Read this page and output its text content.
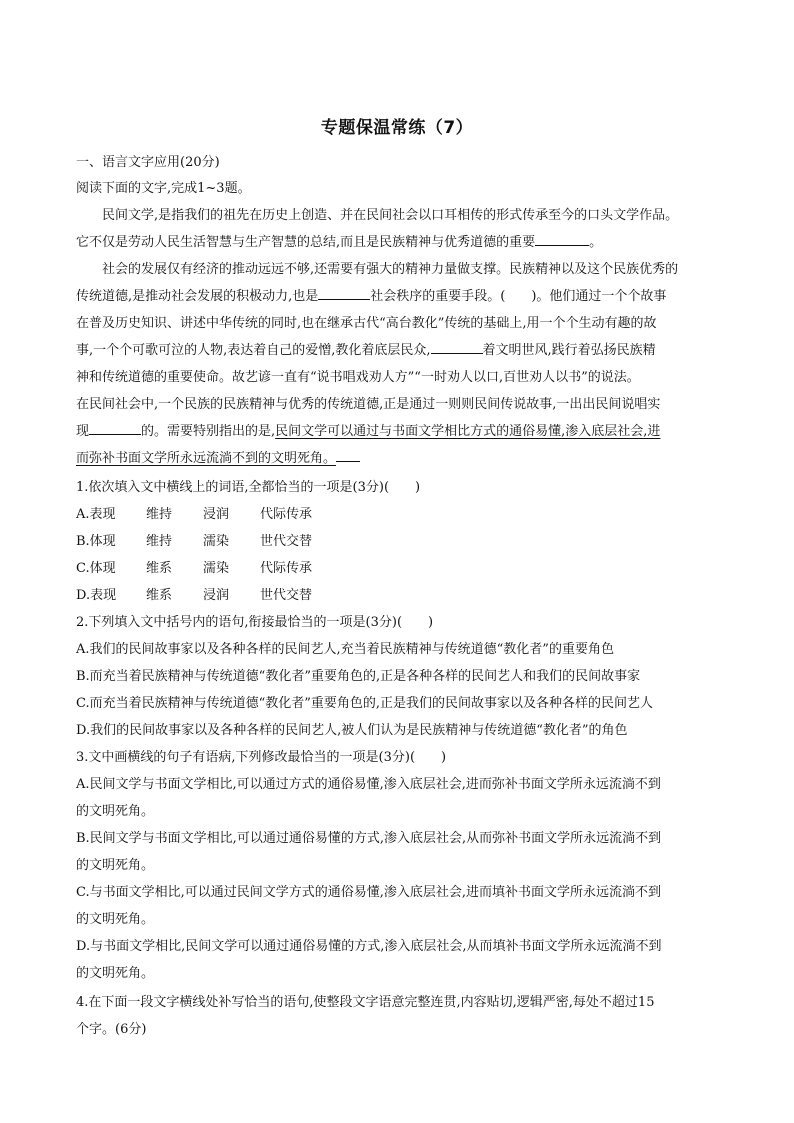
专题保温常练（7）
一、语言文字应用(20分)
阅读下面的文字,完成1~3题。
民间文学,是指我们的祖先在历史上创造、并在民间社会以口耳相传的形式传承至今的口头文学作品。
它不仅是劳动人民生活智慧与生产智慧的总结,而且是民族精神与优秀道德的重要	。
社会的发展仅有经济的推动远远不够,还需要有强大的精神力量做支撑。民族精神以及这个民族优秀的
传统道德,是推动社会发展的积极动力,也是	社会秩序的重要手段。(　　)。他们通过一个个故事
在普及历史知识、讲述中华传统的同时,也在继承古代“高台教化”传统的基础上,用一个个生动有趣的故
事,一个个可歌可泣的人物,表达着自己的爱憎,教化着底层民众,	着文明世风,践行着弘扬民族精
神和传统道德的重要使命。故艺谚一直有“说书唱戏劝人方”“一时劝人以口,百世劝人以书”的说法。
在民间社会中,一个民族的民族精神与优秀的传统道德,正是通过一则则民间传说故事,一出出民间说唱实
现	的。需要特别指出的是,民间文学可以通过与书面文学相比方式的通俗易懂,渗入底层社会,进
而弥补书面文学所永远流淌不到的文明死角。
1.依次填入文中横线上的词语,全都恰当的一项是(3分)(　　)
A.表现 维持 浸润 代际传承
B.体现 维持 濡染 世代交替
C.体现 维系 濡染 代际传承
D.表现 维系 浸润 世代交替
2.下列填入文中括号内的语句,衔接最恰当的一项是(3分)(　　)
A.我们的民间故事家以及各种各样的民间艺人,充当着民族精神与传统道德“教化者”的重要角色
B.而充当着民族精神与传统道德“教化者”重要角色的,正是各种各样的民间艺人和我们的民间故事家
C.而充当着民族精神与传统道德“教化者”重要角色的,正是我们的民间故事家以及各种各样的民间艺人
D.我们的民间故事家以及各种各样的民间艺人,被人们认为是民族精神与传统道德“教化者”的角色
3.文中画横线的句子有语病,下列修改最恰当的一项是(3分)(　　)
A.民间文学与书面文学相比,可以通过方式的通俗易懂,渗入底层社会,进而弥补书面文学所永远流淌不到
的文明死角。
B.民间文学与书面文学相比,可以通过通俗易懂的方式,渗入底层社会,从而弥补书面文学所永远流淌不到
的文明死角。
C.与书面文学相比,可以通过民间文学方式的通俗易懂,渗入底层社会,进而填补书面文学所永远流淌不到
的文明死角。
D.与书面文学相比,民间文学可以通过通俗易懂的方式,渗入底层社会,从而填补书面文学所永远流淌不到
的文明死角。
4.在下面一段文字横线处补写恰当的语句,使整段文字语意完整连贯,内容贴切,逻辑严密,每处不超过15
个字。(6分)
